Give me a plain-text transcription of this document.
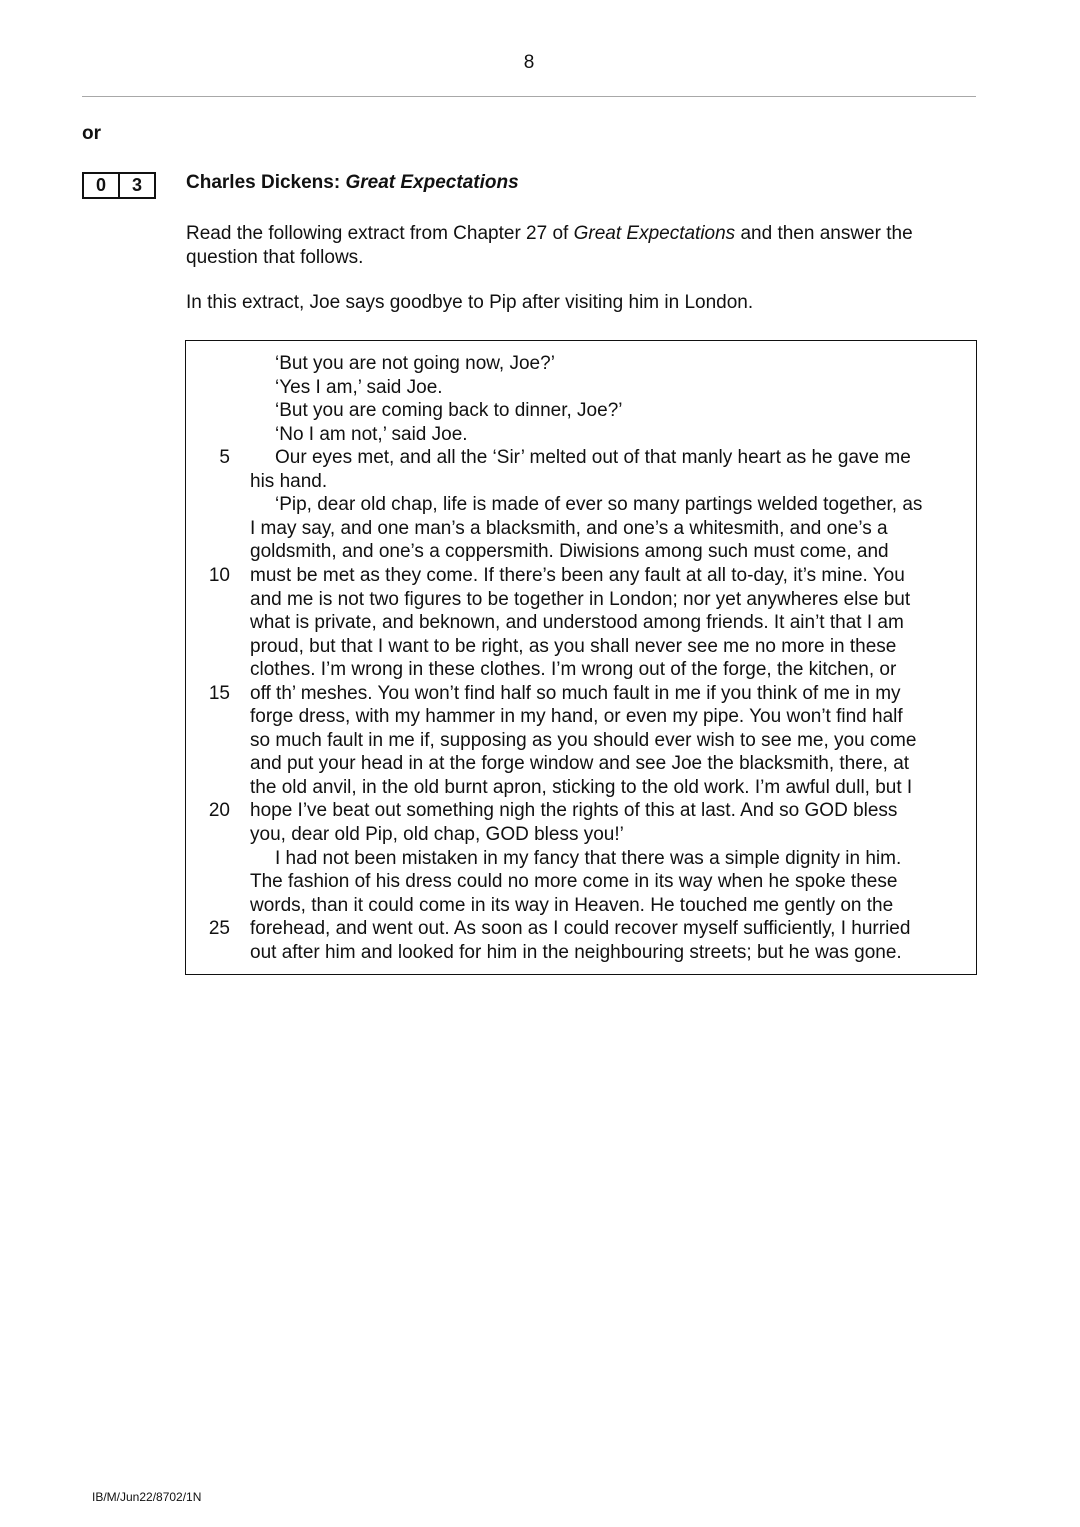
8
or
0	3	Charles Dickens: Great Expectations
Read the following extract from Chapter 27 of Great Expectations and then answer the question that follows.
In this extract, Joe says goodbye to Pip after visiting him in London.
‘But you are not going now, Joe?’
‘Yes I am,’ said Joe.
‘But you are coming back to dinner, Joe?’
‘No I am not,’ said Joe.
Our eyes met, and all the ‘Sir’ melted out of that manly heart as he gave me
5
his hand.
‘Pip, dear old chap, life is made of ever so many partings welded together, as
I may say, and one man’s a blacksmith, and one’s a whitesmith, and one’s a
goldsmith, and one’s a coppersmith. Diwisions among such must come, and
must be met as they come. If there’s been any fault at all to-day, it’s mine. You
10
and me is not two figures to be together in London; nor yet anywheres else but
what is private, and beknown, and understood among friends. It ain’t that I am
proud, but that I want to be right, as you shall never see me no more in these
clothes. I’m wrong in these clothes. I’m wrong out of the forge, the kitchen, or
off th’ meshes. You won’t find half so much fault in me if you think of me in my
15
forge dress, with my hammer in my hand, or even my pipe. You won’t find half
so much fault in me if, supposing as you should ever wish to see me, you come
and put your head in at the forge window and see Joe the blacksmith, there, at
the old anvil, in the old burnt apron, sticking to the old work. I’m awful dull, but I
hope I’ve beat out something nigh the rights of this at last. And so GOD bless
20
you, dear old Pip, old chap, GOD bless you!’
I had not been mistaken in my fancy that there was a simple dignity in him.
The fashion of his dress could no more come in its way when he spoke these
words, than it could come in its way in Heaven. He touched me gently on the
forehead, and went out. As soon as I could recover myself sufficiently, I hurried
25
out after him and looked for him in the neighbouring streets; but he was gone.
IB/M/Jun22/8702/1N
